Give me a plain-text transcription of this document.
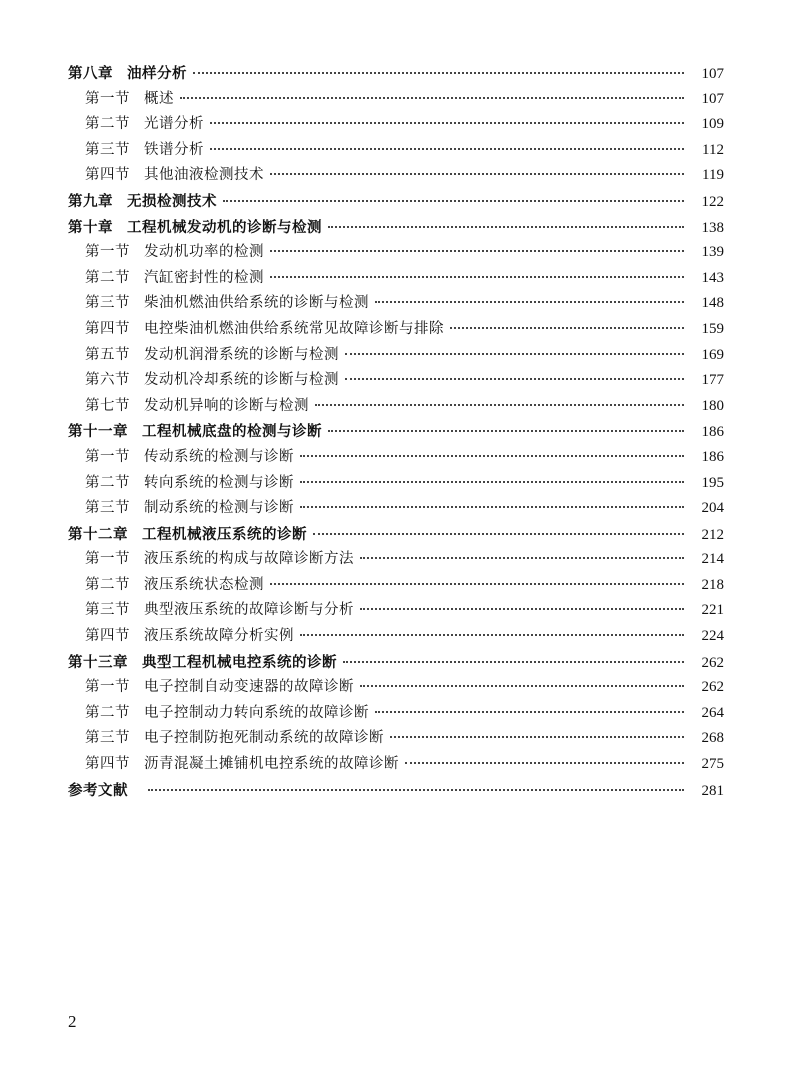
第八章 油样分析	107
第一节 概述	107
第二节 光谱分析	109
第三节 铁谱分析	112
第四节 其他油液检测技术	119
第九章 无损检测技术	122
第十章 工程机械发动机的诊断与检测	138
第一节 发动机功率的检测	139
第二节 汽缸密封性的检测	143
第三节 柴油机燃油供给系统的诊断与检测	148
第四节 电控柴油机燃油供给系统常见故障诊断与排除	159
第五节 发动机润滑系统的诊断与检测	169
第六节 发动机冷却系统的诊断与检测	177
第七节 发动机异响的诊断与检测	180
第十一章 工程机械底盘的检测与诊断	186
第一节 传动系统的检测与诊断	186
第二节 转向系统的检测与诊断	195
第三节 制动系统的检测与诊断	204
第十二章 工程机械液压系统的诊断	212
第一节 液压系统的构成与故障诊断方法	214
第二节 液压系统状态检测	218
第三节 典型液压系统的故障诊断与分析	221
第四节 液压系统故障分析实例	224
第十三章 典型工程机械电控系统的诊断	262
第一节 电子控制自动变速器的故障诊断	262
第二节 电子控制动力转向系统的故障诊断	264
第三节 电子控制防抱死制动系统的故障诊断	268
第四节 沥青混凝土摊铺机电控系统的故障诊断	275
参考文献	281
2
